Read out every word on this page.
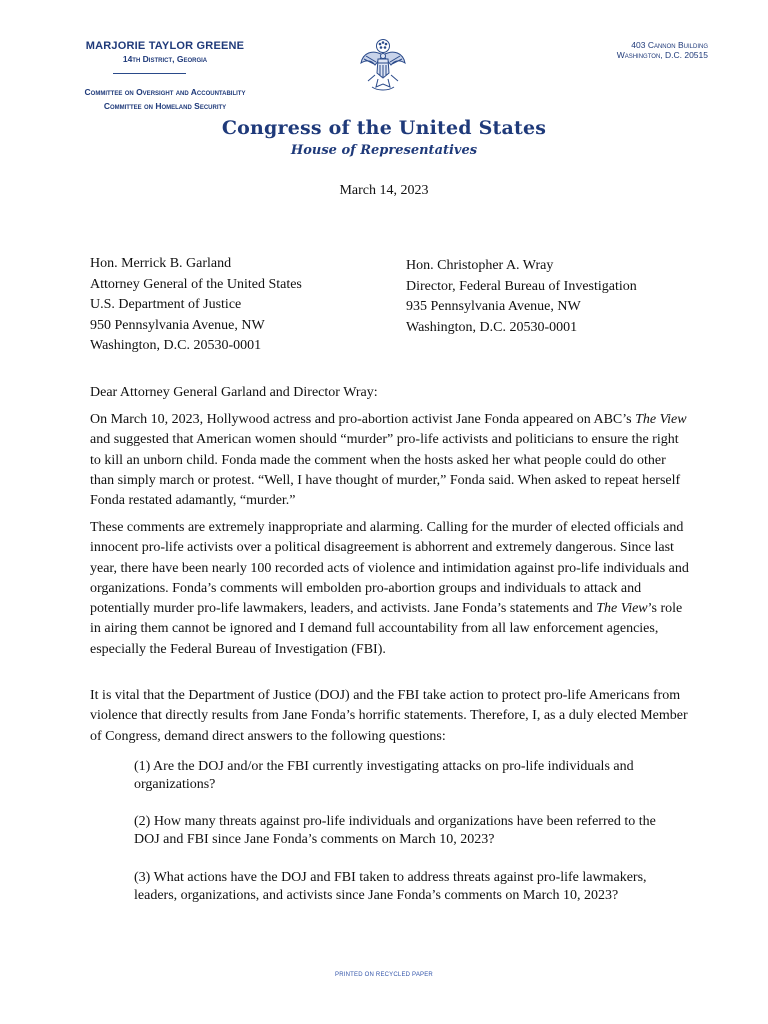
MARJORIE TAYLOR GREENE
14th District, Georgia
Committee on Oversight and Accountability
Committee on Homeland Security
403 Cannon Building
Washington, D.C. 20515
Congress of the United States
House of Representatives
March 14, 2023
Hon. Merrick B. Garland
Attorney General of the United States
U.S. Department of Justice
950 Pennsylvania Avenue, NW
Washington, D.C. 20530-0001
Hon. Christopher A. Wray
Director, Federal Bureau of Investigation
935 Pennsylvania Avenue, NW
Washington, D.C. 20530-0001

Dear Attorney General Garland and Director Wray:

On March 10, 2023, Hollywood actress and pro-abortion activist Jane Fonda appeared on ABC’s The View and suggested that American women should “murder” pro-life activists and politicians to ensure the right to kill an unborn child. Fonda made the comment when the hosts asked her what people could do other than simply march or protest. “Well, I have thought of murder,” Fonda said. When asked to repeat herself Fonda restated adamantly, “murder.”

These comments are extremely inappropriate and alarming. Calling for the murder of elected officials and innocent pro-life activists over a political disagreement is abhorrent and extremely dangerous. Since last year, there have been nearly 100 recorded acts of violence and intimidation against pro-life individuals and organizations. Fonda’s comments will embolden pro-abortion groups and individuals to attack and potentially murder pro-life lawmakers, leaders, and activists. Jane Fonda’s statements and The View’s role in airing them cannot be ignored and I demand full accountability from all law enforcement agencies, especially the Federal Bureau of Investigation (FBI).

It is vital that the Department of Justice (DOJ) and the FBI take action to protect pro-life Americans from violence that directly results from Jane Fonda’s horrific statements. Therefore, I, as a duly elected Member of Congress, demand direct answers to the following questions:

(1) Are the DOJ and/or the FBI currently investigating attacks on pro-life individuals and organizations?

(2) How many threats against pro-life individuals and organizations have been referred to the DOJ and FBI since Jane Fonda’s comments on March 10, 2023?

(3) What actions have the DOJ and FBI taken to address threats against pro-life lawmakers, leaders, organizations, and activists since Jane Fonda’s comments on March 10, 2023?

PRINTED ON RECYCLED PAPER
